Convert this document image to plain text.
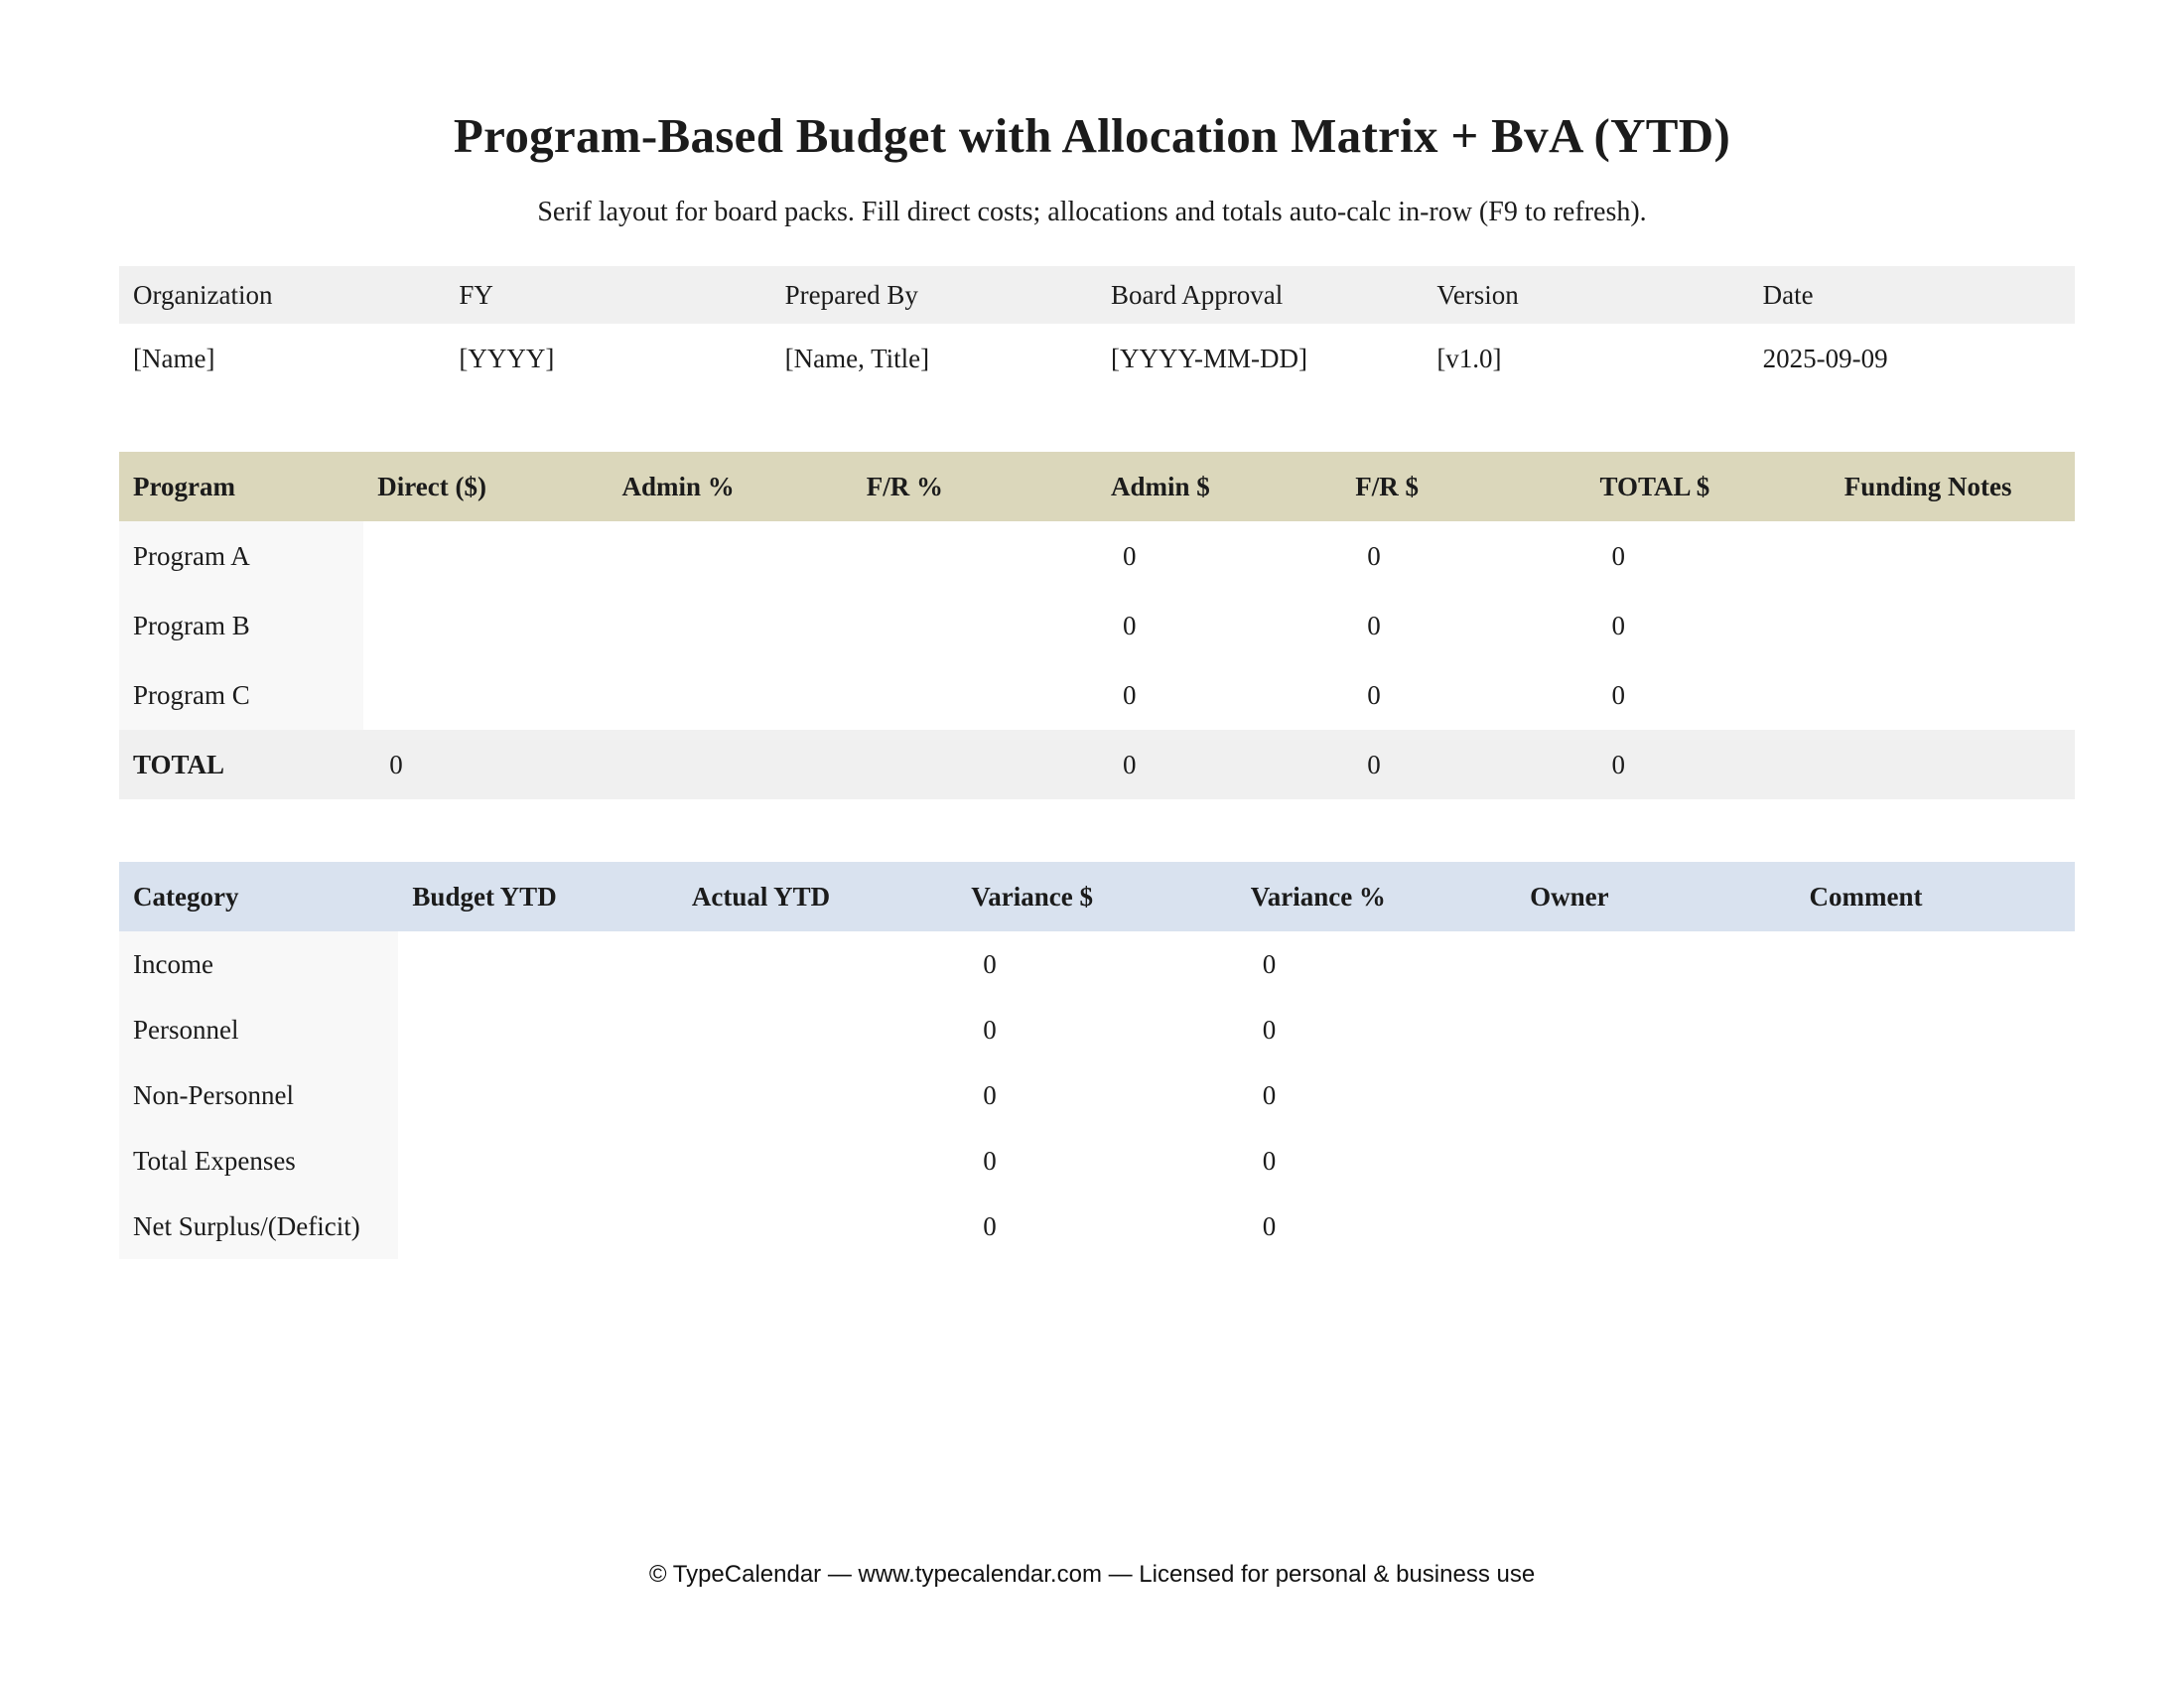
Program-Based Budget with Allocation Matrix + BvA (YTD)

Serif layout for board packs. Fill direct costs; allocations and totals auto-calc in-row (F9 to refresh).

Organization	FY	Prepared By	Board Approval	Version	Date
[Name]	[YYYY]	[Name, Title]	[YYYY-MM-DD]	[v1.0]	2025-09-09
Program	Direct ($)	Admin %	F/R %	Admin $	F/R $	TOTAL $	Funding Notes
Program A				0	0	0	
Program B				0	0	0	
Program C				0	0	0	
TOTAL	0			0	0	0	
Category	Budget YTD	Actual YTD	Variance $	Variance %	Owner	Comment
Income			0	0		
Personnel			0	0		
Non-Personnel			0	0		
Total Expenses			0	0		
Net Surplus/(Deficit)			0	0		
© TypeCalendar — www.typecalendar.com — Licensed for personal & business use
